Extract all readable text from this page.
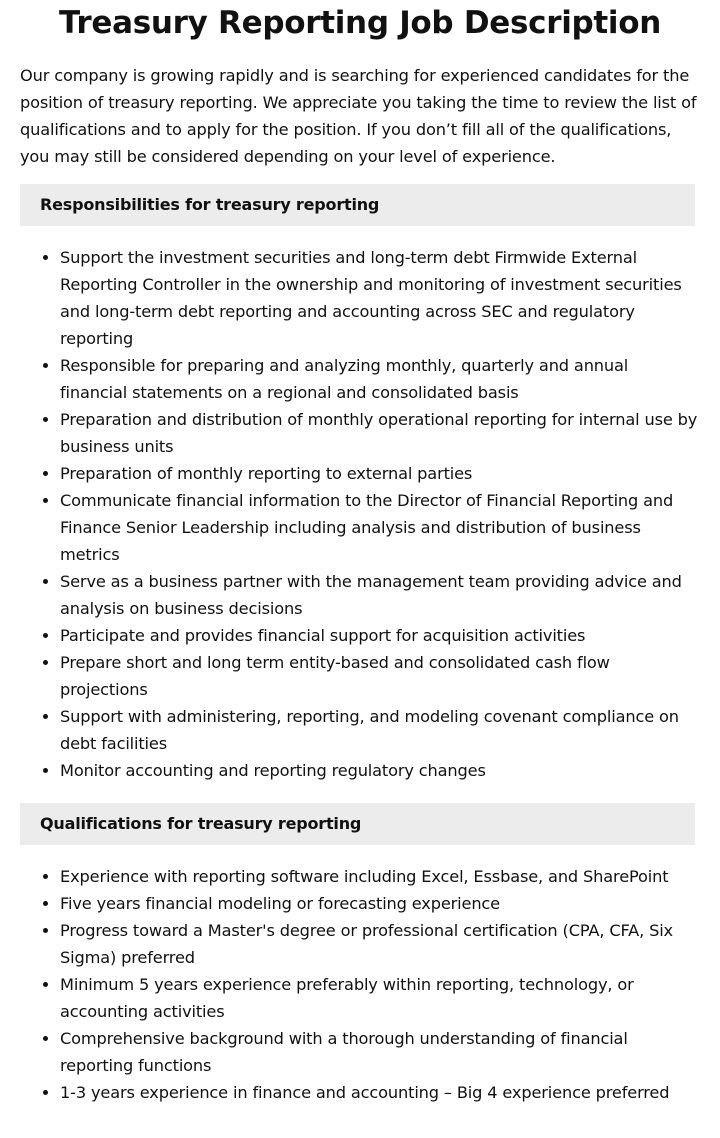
Treasury Reporting Job Description

Our company is growing rapidly and is searching for experienced candidates for the position of treasury reporting. We appreciate you taking the time to review the list of qualifications and to apply for the position. If you don’t fill all of the qualifications, you may still be considered depending on your level of experience.

Responsibilities for treasury reporting
• Support the investment securities and long-term debt Firmwide External Reporting Controller in the ownership and monitoring of investment securities and long-term debt reporting and accounting across SEC and regulatory reporting
• Responsible for preparing and analyzing monthly, quarterly and annual financial statements on a regional and consolidated basis
• Preparation and distribution of monthly operational reporting for internal use by business units
• Preparation of monthly reporting to external parties
• Communicate financial information to the Director of Financial Reporting and Finance Senior Leadership including analysis and distribution of business metrics
• Serve as a business partner with the management team providing advice and analysis on business decisions
• Participate and provides financial support for acquisition activities
• Prepare short and long term entity-based and consolidated cash flow projections
• Support with administering, reporting, and modeling covenant compliance on debt facilities
• Monitor accounting and reporting regulatory changes
Qualifications for treasury reporting
• Experience with reporting software including Excel, Essbase, and SharePoint
• Five years financial modeling or forecasting experience
• Progress toward a Master's degree or professional certification (CPA, CFA, Six Sigma) preferred
• Minimum 5 years experience preferably within reporting, technology, or accounting activities
• Comprehensive background with a thorough understanding of financial reporting functions
• 1-3 years experience in finance and accounting – Big 4 experience preferred
